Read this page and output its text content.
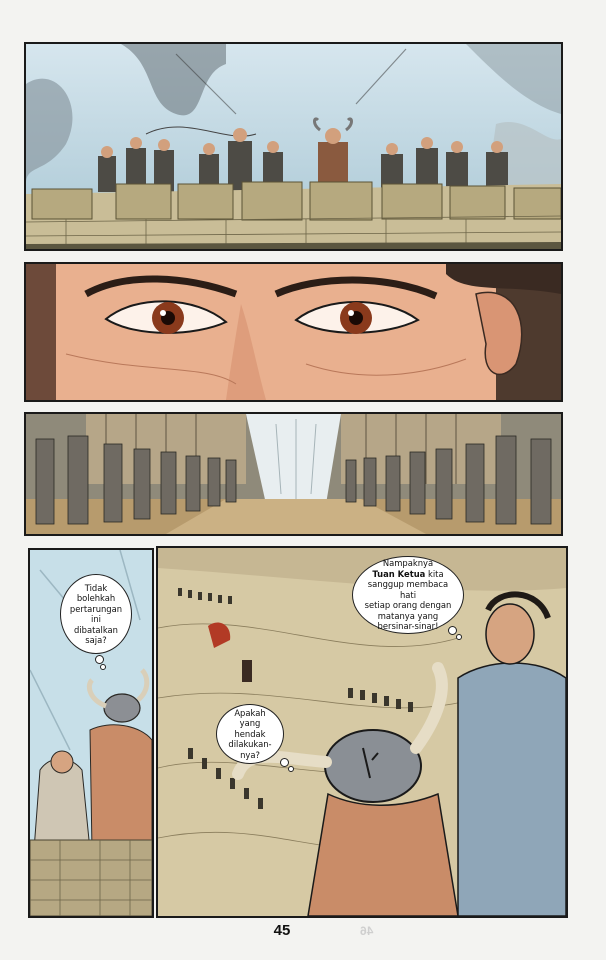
Tidak
bolehkah
pertarungan
ini dibatalkan
saja?
Nampaknya
Tuan Ketua kita
sanggup membaca hati
setiap orang dengan
matanya yang
bersinar-sinar!
Apakah
yang hendak
dilakukan-
nya?
45	46
